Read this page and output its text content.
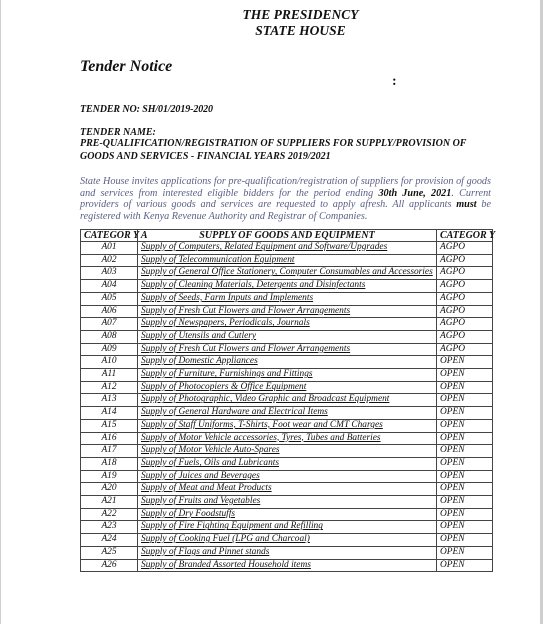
THE PRESIDENCY
STATE HOUSE
Tender Notice
:
TENDER NO: SH/01/2019-2020
TENDER NAME:
PRE-QUALIFICATION/REGISTRATION OF SUPPLIERS FOR SUPPLY/PROVISION OF GOODS AND SERVICES - FINANCIAL YEARS 2019/2021
State House invites applications for pre-qualification/registration of suppliers for provision of goods and services from interested eligible bidders for the period ending 30th June, 2021. Current providers of various goods and services are requested to apply afresh. All applicants must be registered with Kenya Revenue Authority and Registrar of Companies.
CATEGOR Y A	SUPPLY OF GOODS AND EQUIPMENT	CATEGOR Y
A01	Supply of Computers, Related Equipment and Software/Upgrades	AGPO
A02	Supply of Telecommunication Equipment	AGPO
A03	Supply of General Office Stationery, Computer Consumables and Accessories	AGPO
A04	Supply of Cleaning Materials, Detergents and Disinfectants	AGPO
A05	Supply of Seeds, Farm Inputs and Implements	AGPO
A06	Supply of Fresh Cut Flowers and Flower Arrangements	AGPO
A07	Supply of Newspapers, Periodicals, Journals	AGPO
A08	Supply of Utensils and Cutlery	AGPO
A09	Supply of Fresh Cut Flowers and Flower Arrangements	AGPO
A10	Supply of Domestic Appliances	OPEN
A11	Supply of Furniture, Furnishings and Fittings	OPEN
A12	Supply of Photocopiers & Office Equipment	OPEN
A13	Supply of Photographic, Video Graphic and Broadcast Equipment	OPEN
A14	Supply of General Hardware and Electrical Items	OPEN
A15	Supply of Staff Uniforms, T-Shirts, Foot wear and CMT Charges	OPEN
A16	Supply of Motor Vehicle accessories, Tyres, Tubes and Batteries	OPEN
A17	Supply of Motor Vehicle Auto-Spares	OPEN
A18	Supply of Fuels, Oils and Lubricants	OPEN
A19	Supply of Juices and Beverages	OPEN
A20	Supply of Meat and Meat Products	OPEN
A21	Supply of Fruits and Vegetables	OPEN
A22	Supply of Dry Foodstuffs	OPEN
A23	Supply of Fire Fighting Equipment and Refilling	OPEN
A24	Supply of Cooking Fuel (LPG and Charcoal)	OPEN
A25	Supply of Flags and Pinnet stands	OPEN
A26	Supply of Branded Assorted Household items	OPEN
